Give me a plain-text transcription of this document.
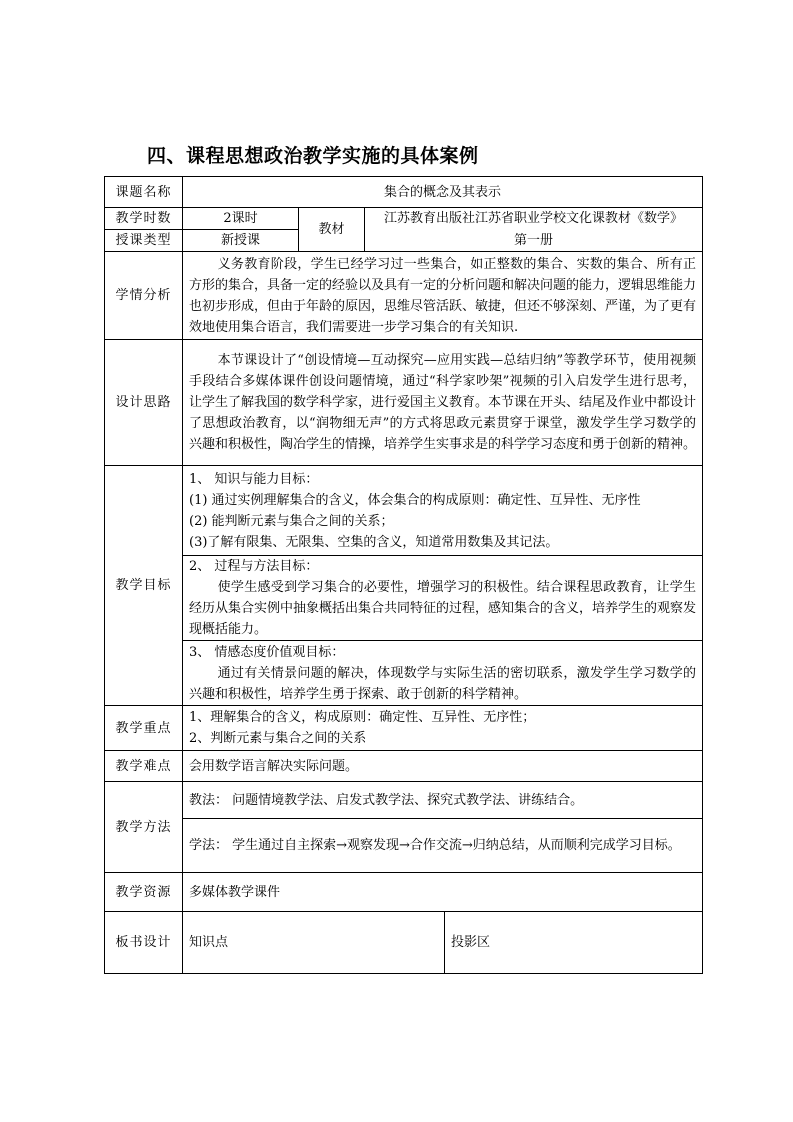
四、课程思想政治教学实施的具体案例
课题名称	集合的概念及其表示			
教学时数	2课时	教材	江苏教育出版社江苏省职业学校文化课教材《数学》	
授课类型	新授课		第一册	
学情分析	义务教育阶段，学生已经学习过一些集合，如正整数的集合、实数的集合、所有正方形的集合，具备一定的经验以及具有一定的分析问题和解决问题的能力，逻辑思维能力也初步形成，但由于年龄的原因，思维尽管活跃、敏捷，但还不够深刻、严谨，为了更有效地使用集合语言，我们需要进一步学习集合的有关知识.			

设计思路	本节课设计了“创设情境—互动探究—应用实践—总结归纳”等教学环节，使用视频手段结合多媒体课件创设问题情境，通过“科学家吵架”视频的引入启发学生进行思考，让学生了解我国的数学科学家，进行爱国主义教育。本节课在开头、结尾及作业中都设计了思想政治教育，以“润物细无声”的方式将思政元素贯穿于课堂，激发学生学习数学的兴趣和积极性，陶冶学生的情操，培养学生实事求是的科学学习态度和勇于创新的精神。			

教学目标	1、 知识与能力目标：

(1) 通过实例理解集合的含义，体会集合的构成原则：确定性、互异性、无序性

(2) 能判断元素与集合之间的关系；

(3)了解有限集、无限集、空集的含义，知道常用数集及其记法。			

	2、 过程与方法目标：

使学生感受到学习集合的必要性，增强学习的积极性。结合课程思政教育，让学生经历从集合实例中抽象概括出集合共同特征的过程，感知集合的含义，培养学生的观察发现概括能力。			

	3、 情感态度价值观目标：

通过有关情景问题的解决，体现数学与实际生活的密切联系，激发学生学习数学的兴趣和积极性，培养学生勇于探索、敢于创新的科学精神。			

教学重点	1、理解集合的含义，构成原则：确定性、互异性、无序性；

2、判断元素与集合之间的关系			

教学难点	会用数学语言解决实际问题。			
教学方法	教法： 问题情境教学法、启发式教学法、探究式教学法、讲练结合。			

	学法： 学生通过自主探索→观察发现→合作交流→归纳总结，从而顺利完成学习目标。			

教学资源	多媒体教学课件			
板书设计	知识点			投影区
